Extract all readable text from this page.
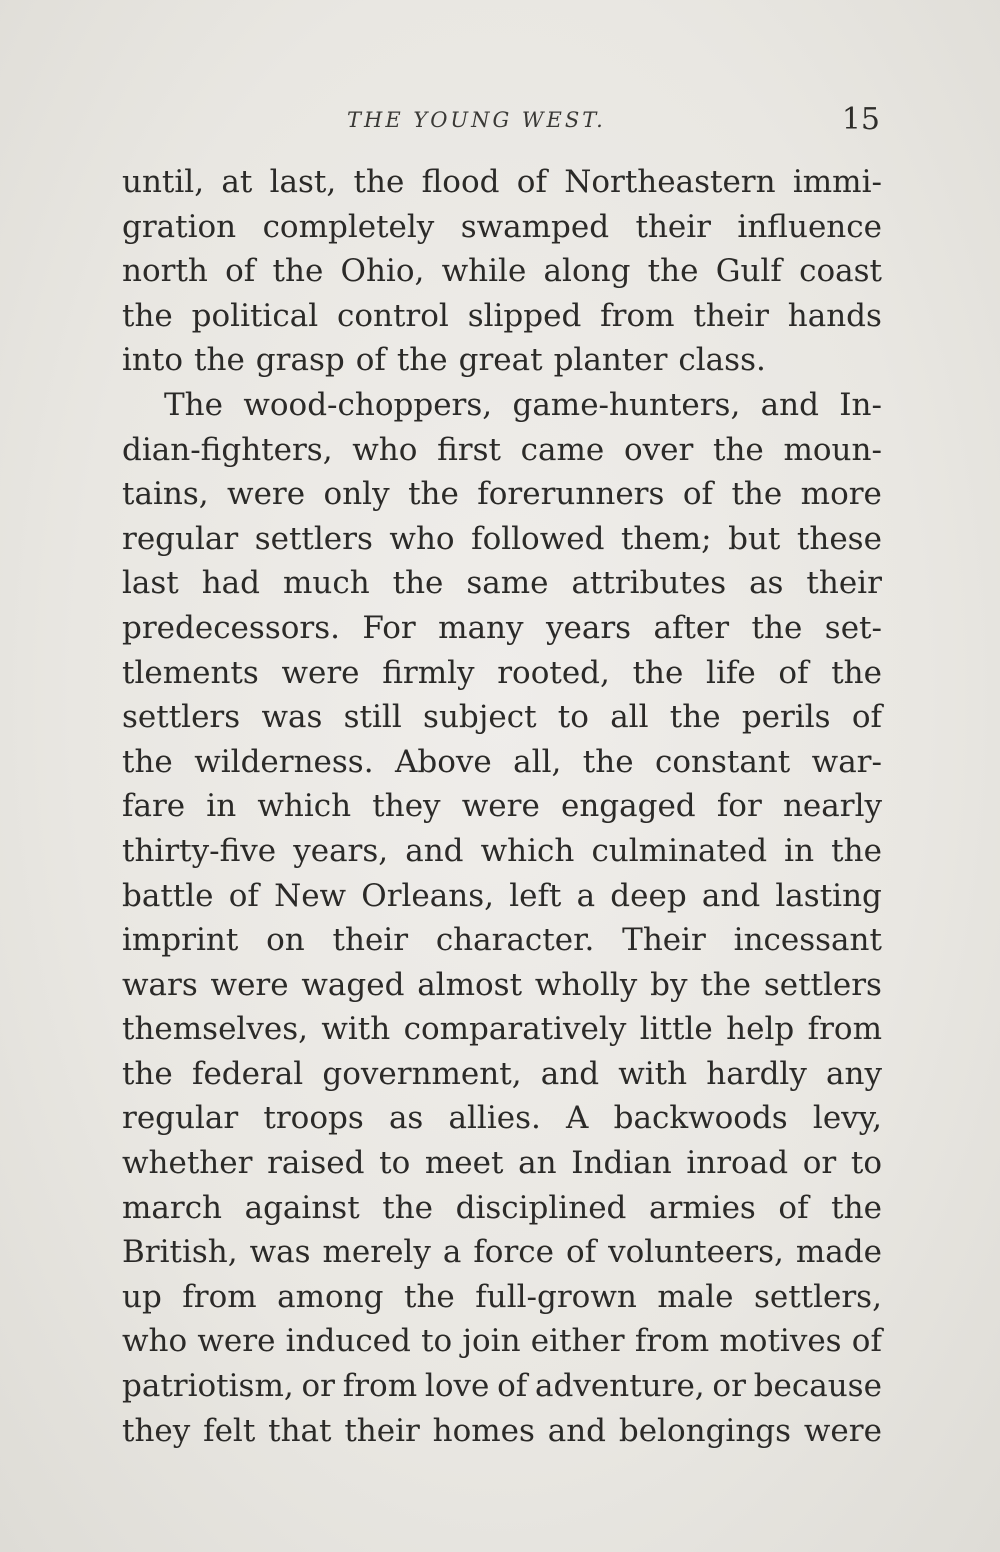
THE YOUNG WEST.	15
until, at last, the flood of Northeastern immi-
gration completely swamped their influence
north of the Ohio, while along the Gulf coast
the political control slipped from their hands
into the grasp of the great planter class.
The wood-choppers, game-hunters, and In-
dian-fighters, who first came over the moun-
tains, were only the forerunners of the more
regular settlers who followed them; but these
last had much the same attributes as their
predecessors. For many years after the set-
tlements were firmly rooted, the life of the
settlers was still subject to all the perils of
the wilderness. Above all, the constant war-
fare in which they were engaged for nearly
thirty-five years, and which culminated in the
battle of New Orleans, left a deep and lasting
imprint on their character. Their incessant
wars were waged almost wholly by the settlers
themselves, with comparatively little help from
the federal government, and with hardly any
regular troops as allies. A backwoods levy,
whether raised to meet an Indian inroad or to
march against the disciplined armies of the
British, was merely a force of volunteers, made
up from among the full-grown male settlers,
who were induced to join either from motives of
patriotism, or from love of adventure, or because
they felt that their homes and belongings were
